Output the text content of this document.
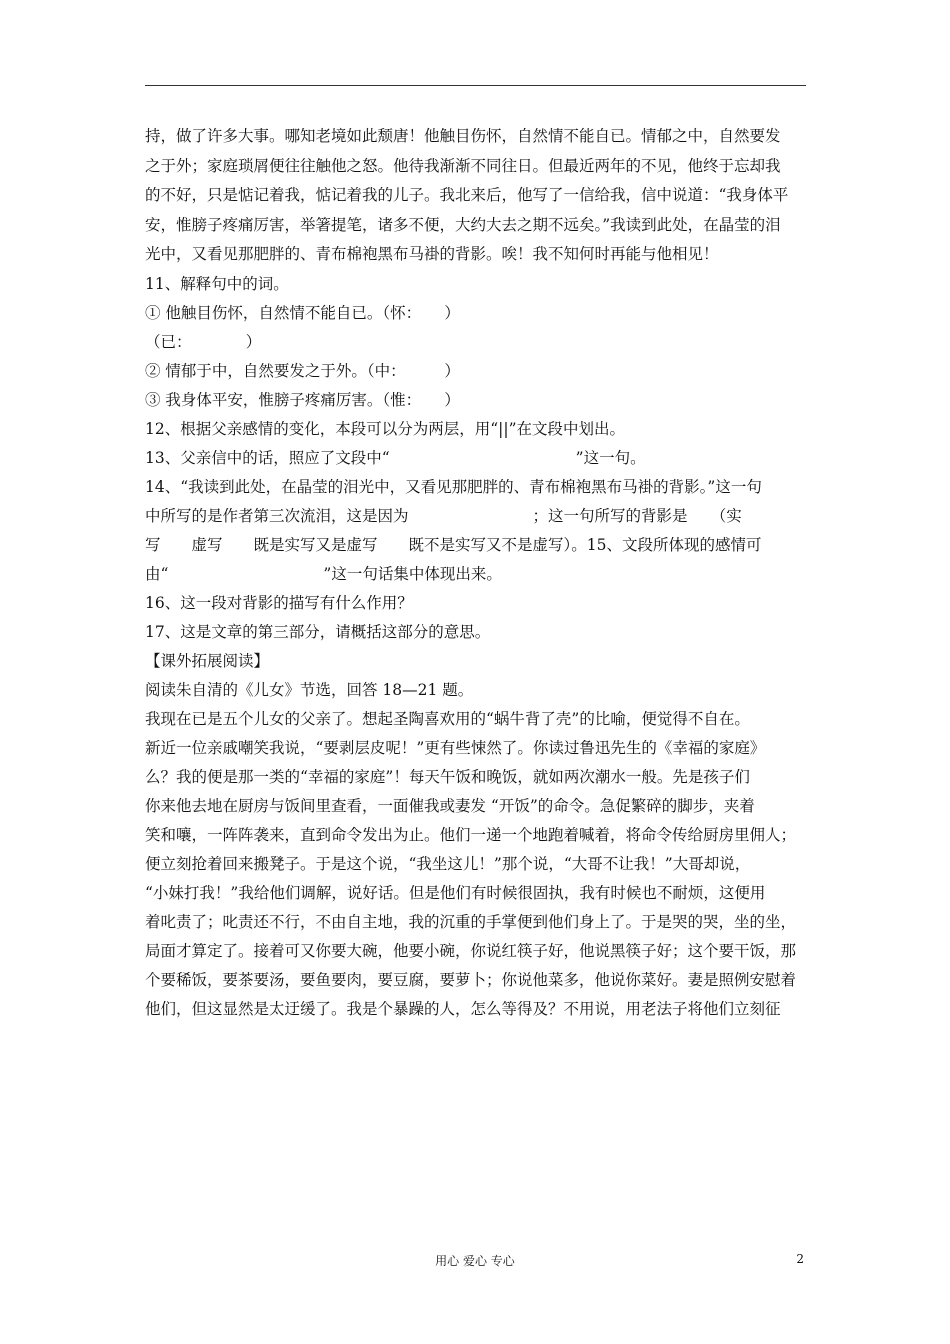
持，做了许多大事。哪知老境如此颓唐！他触目伤怀，自然情不能自已。情郁之中，自然要发

之于外；家庭琐屑便往往触他之怒。他待我渐渐不同往日。但最近两年的不见，他终于忘却我

的不好，只是惦记着我，惦记着我的儿子。我北来后，他写了一信给我，信中说道：“我身体平

安，惟膀子疼痛厉害，举箸提笔，诸多不便，大约大去之期不远矣。”我读到此处，在晶莹的泪

光中，又看见那肥胖的、青布棉袍黑布马褂的背影。唉！我不知何时再能与他相见！

11、解释句中的词。

① 他触目伤怀，自然情不能自已。（怀：　　）

（已：　　　　）

② 情郁于中，自然要发之于外。（中：　　　）

③ 我身体平安，惟膀子疼痛厉害。（惟：　　）

12、根据父亲感情的变化，本段可以分为两层，用“||”在文段中划出。

13、父亲信中的话，照应了文段中“　　　　　　　　　　　　”这一句。

14、“我读到此处，在晶莹的泪光中，又看见那肥胖的、青布棉袍黑布马褂的背影。”这一句

中所写的是作者第三次流泪，这是因为　　　　　　　　；这一句所写的背影是　　（实

写　　虚写　　既是实写又是虚写　　既不是实写又不是虚写）。15、文段所体现的感情可

由“　　　　　　　　　　”这一句话集中体现出来。

16、这一段对背影的描写有什么作用？

17、这是文章的第三部分，请概括这部分的意思。

【课外拓展阅读】

阅读朱自清的《儿女》节选，回答 18—21 题。

我现在已是五个儿女的父亲了。想起圣陶喜欢用的“蜗牛背了壳”的比喻，便觉得不自在。

新近一位亲戚嘲笑我说，“要剥层皮呢！”更有些悚然了。你读过鲁迅先生的《幸福的家庭》

么？我的便是那一类的“幸福的家庭”！每天午饭和晚饭，就如两次潮水一般。先是孩子们

你来他去地在厨房与饭间里查看，一面催我或妻发 “开饭”的命令。急促繁碎的脚步，夹着

笑和嚷，一阵阵袭来，直到命令发出为止。他们一递一个地跑着喊着，将命令传给厨房里佣人；

便立刻抢着回来搬凳子。于是这个说，“我坐这儿！”那个说，“大哥不让我！”大哥却说，

“小妹打我！”我给他们调解，说好话。但是他们有时候很固执，我有时候也不耐烦，这便用

着叱责了；叱责还不行，不由自主地，我的沉重的手掌便到他们身上了。于是哭的哭，坐的坐，

局面才算定了。接着可又你要大碗，他要小碗，你说红筷子好，他说黑筷子好；这个要干饭，那

个要稀饭，要茶要汤，要鱼要肉，要豆腐，要萝卜；你说他菜多，他说你菜好。妻是照例安慰着

他们，但这显然是太迂缓了。我是个暴躁的人，怎么等得及？不用说，用老法子将他们立刻征

用心 爱心 专心	2
